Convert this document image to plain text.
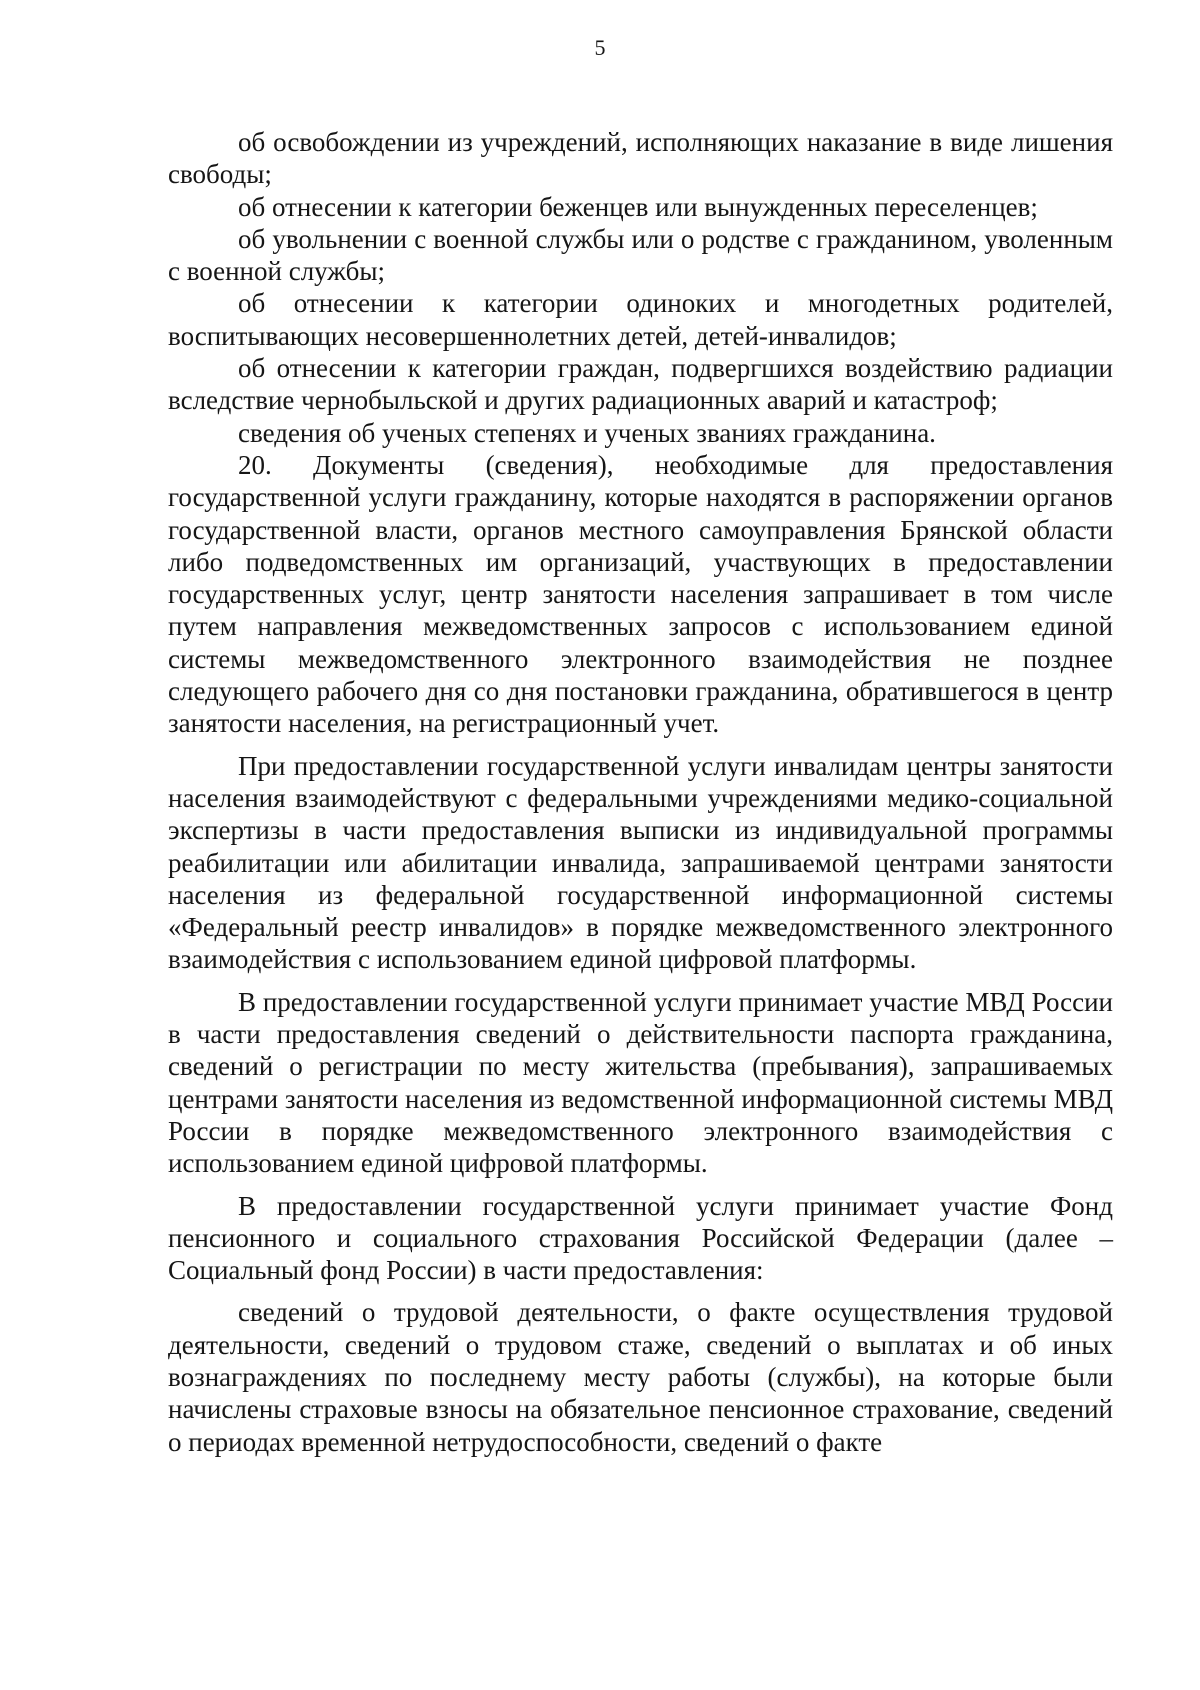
5

об освобождении из учреждений, исполняющих наказание в виде лишения свободы;

об отнесении к категории беженцев или вынужденных переселенцев;

об увольнении с военной службы или о родстве с гражданином, уволенным с военной службы;

об отнесении к категории одиноких и многодетных родителей, воспитывающих несовершеннолетних детей, детей-инвалидов;

об отнесении к категории граждан, подвергшихся воздействию радиации вследствие чернобыльской и других радиационных аварий и катастроф;

сведения об ученых степенях и ученых званиях гражданина.

20. Документы (сведения), необходимые для предоставления государственной услуги гражданину, которые находятся в распоряжении органов государственной власти, органов местного самоуправления Брянской области либо подведомственных им организаций, участвующих в предоставлении государственных услуг, центр занятости населения запрашивает в том числе путем направления межведомственных запросов с использованием единой системы межведомственного электронного взаимодействия не позднее следующего рабочего дня со дня постановки гражданина, обратившегося в центр занятости населения, на регистрационный учет.

При предоставлении государственной услуги инвалидам центры занятости населения взаимодействуют с федеральными учреждениями медико-социальной экспертизы в части предоставления выписки из индивидуальной программы реабилитации или абилитации инвалида, запрашиваемой центрами занятости населения из федеральной государственной информационной системы «Федеральный реестр инвалидов» в порядке межведомственного электронного взаимодействия с использованием единой цифровой платформы.

В предоставлении государственной услуги принимает участие МВД России в части предоставления сведений о действительности паспорта гражданина, сведений о регистрации по месту жительства (пребывания), запрашиваемых центрами занятости населения из ведомственной информационной системы МВД России в порядке межведомственного электронного взаимодействия с использованием единой цифровой платформы.

В предоставлении государственной услуги принимает участие Фонд пенсионного и социального страхования Российской Федерации (далее – Социальный фонд России) в части предоставления:

сведений о трудовой деятельности, о факте осуществления трудовой деятельности, сведений о трудовом стаже, сведений о выплатах и об иных вознаграждениях по последнему месту работы (службы), на которые были начислены страховые взносы на обязательное пенсионное страхование, сведений о периодах временной нетрудоспособности, сведений о факте
